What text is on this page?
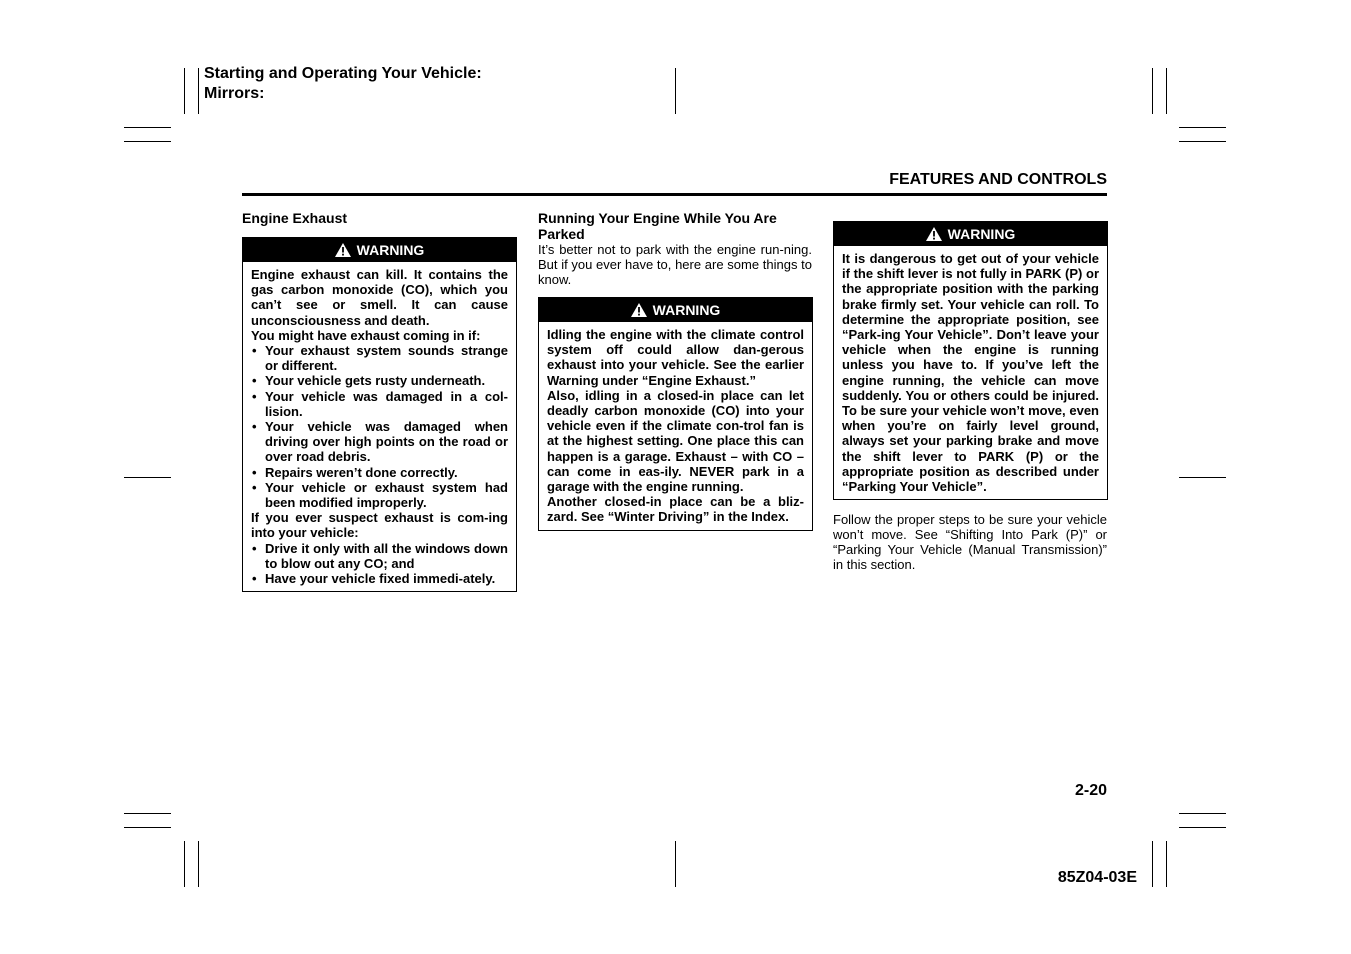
Starting and Operating Your Vehicle:
Mirrors:
FEATURES AND CONTROLS
Engine Exhaust
WARNING

Engine exhaust can kill. It contains the gas carbon monoxide (CO), which you can’t see or smell. It can cause unconsciousness and death.

You might have exhaust coming in if:

• Your exhaust system sounds strange or different.
• Your vehicle gets rusty underneath.
• Your vehicle was damaged in a col-lision.
• Your vehicle was damaged when driving over high points on the road or over road debris.
• Repairs weren’t done correctly.
• Your vehicle or exhaust system had been modified improperly.

If you ever suspect exhaust is com-ing into your vehicle:

• Drive it only with all the windows down to blow out any CO; and
• Have your vehicle fixed immedi-ately.
Running Your Engine While You Are Parked

It’s better not to park with the engine run-ning. But if you ever have to, here are some things to know.

WARNING

Idling the engine with the climate control system off could allow dan-gerous exhaust into your vehicle. See the earlier Warning under “Engine Exhaust.”

Also, idling in a closed-in place can let deadly carbon monoxide (CO) into your vehicle even if the climate con-trol fan is at the highest setting. One place this can happen is a garage. Exhaust – with CO – can come in eas-ily. NEVER park in a garage with the engine running.

Another closed-in place can be a bliz-zard. See “Winter Driving” in the Index.

WARNING

It is dangerous to get out of your vehicle if the shift lever is not fully in PARK (P) or the appropriate position with the parking brake firmly set. Your vehicle can roll. To determine the appropriate position, see “Park-ing Your Vehicle”. Don’t leave your vehicle when the engine is running unless you have to. If you’ve left the engine running, the vehicle can move suddenly. You or others could be injured. To be sure your vehicle won’t move, even when you’re on fairly level ground, always set your parking brake and move the shift lever to PARK (P) or the appropriate position as described under “Parking Your Vehicle”.

Follow the proper steps to be sure your vehicle won’t move. See “Shifting Into Park (P)” or “Parking Your Vehicle (Manual Transmission)” in this section.

2-20
85Z04-03E
